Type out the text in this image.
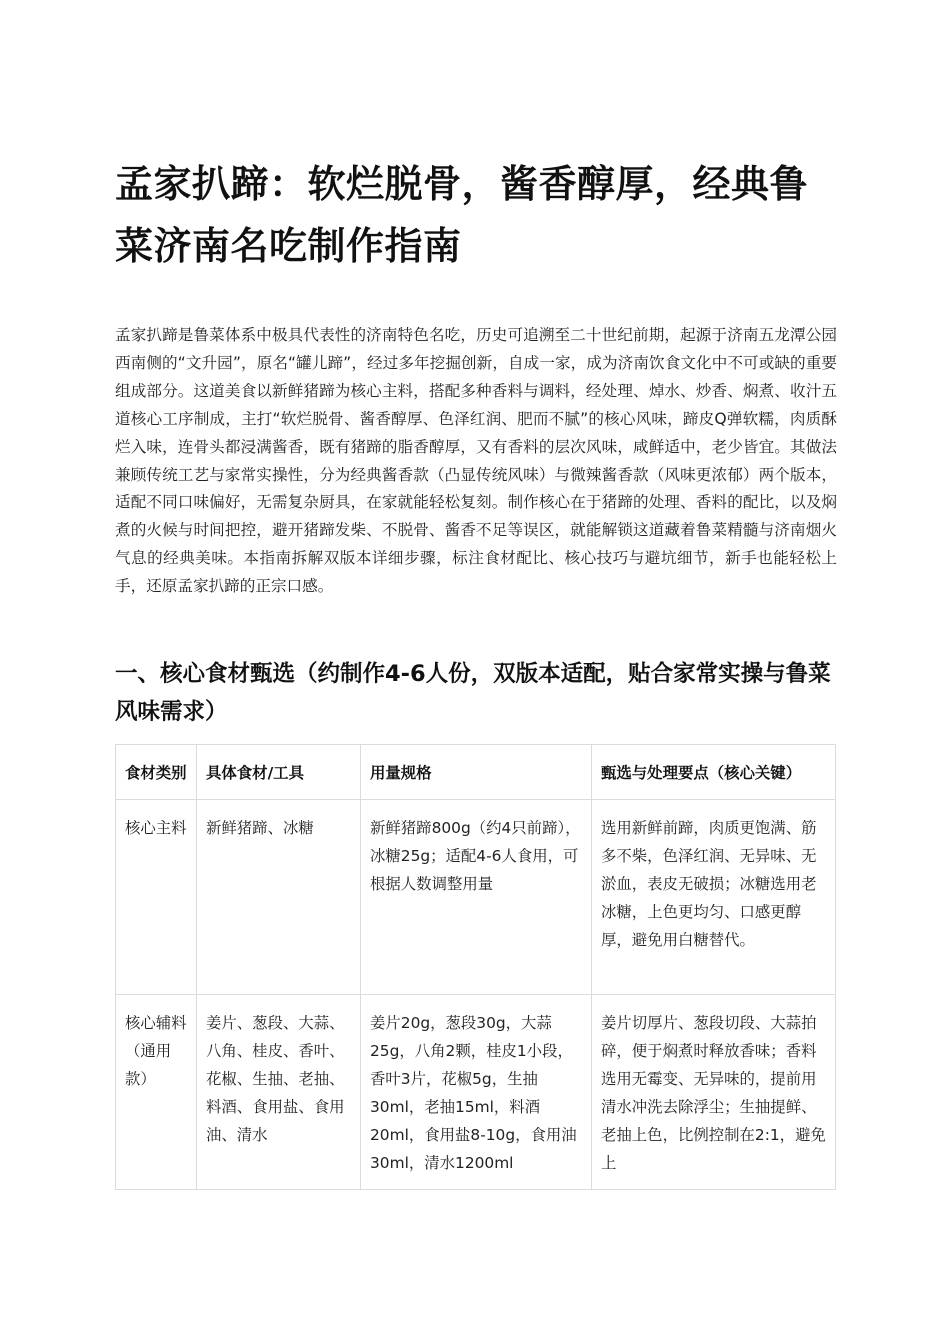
孟家扒蹄：软烂脱骨，酱香醇厚，经典鲁菜济南名吃制作指南

孟家扒蹄是鲁菜体系中极具代表性的济南特色名吃，历史可追溯至二十世纪前期，起源于济南五龙潭公园西南侧的“文升园”，原名“罐儿蹄”，经过多年挖掘创新，自成一家，成为济南饮食文化中不可或缺的重要组成部分。这道美食以新鲜猪蹄为核心主料，搭配多种香料与调料，经处理、焯水、炒香、焖煮、收汁五道核心工序制成，主打“软烂脱骨、酱香醇厚、色泽红润、肥而不腻”的核心风味，蹄皮Q弹软糯，肉质酥烂入味，连骨头都浸满酱香，既有猪蹄的脂香醇厚，又有香料的层次风味，咸鲜适中，老少皆宜。其做法兼顾传统工艺与家常实操性，分为经典酱香款（凸显传统风味）与微辣酱香款（风味更浓郁）两个版本，适配不同口味偏好，无需复杂厨具，在家就能轻松复刻。制作核心在于猪蹄的处理、香料的配比，以及焖煮的火候与时间把控，避开猪蹄发柴、不脱骨、酱香不足等误区，就能解锁这道藏着鲁菜精髓与济南烟火气息的经典美味。本指南拆解双版本详细步骤，标注食材配比、核心技巧与避坑细节，新手也能轻松上手，还原孟家扒蹄的正宗口感。

一、核心食材甄选（约制作4-6人份，双版本适配，贴合家常实操与鲁菜风味需求）
食材类别	具体食材/工具	用量规格	甄选与处理要点（核心关键）
核心主料	新鲜猪蹄、冰糖	新鲜猪蹄800g（约4只前蹄），冰糖25g；适配4-6人食用，可根据人数调整用量	选用新鲜前蹄，肉质更饱满、筋多不柴，色泽红润、无异味、无淤血，表皮无破损；冰糖选用老冰糖，上色更均匀、口感更醇厚，避免用白糖替代。
核心辅料（通用款）	姜片、葱段、大蒜、八角、桂皮、香叶、花椒、生抽、老抽、料酒、食用盐、食用油、清水	姜片20g，葱段30g，大蒜25g，八角2颗，桂皮1小段，香叶3片，花椒5g，生抽30ml，老抽15ml，料酒20ml，食用盐8-10g，食用油30ml，清水1200ml	姜片切厚片、葱段切段、大蒜拍碎，便于焖煮时释放香味；香料选用无霉变、无异味的，提前用清水冲洗去除浮尘；生抽提鲜、老抽上色，比例控制在2:1，避免上
